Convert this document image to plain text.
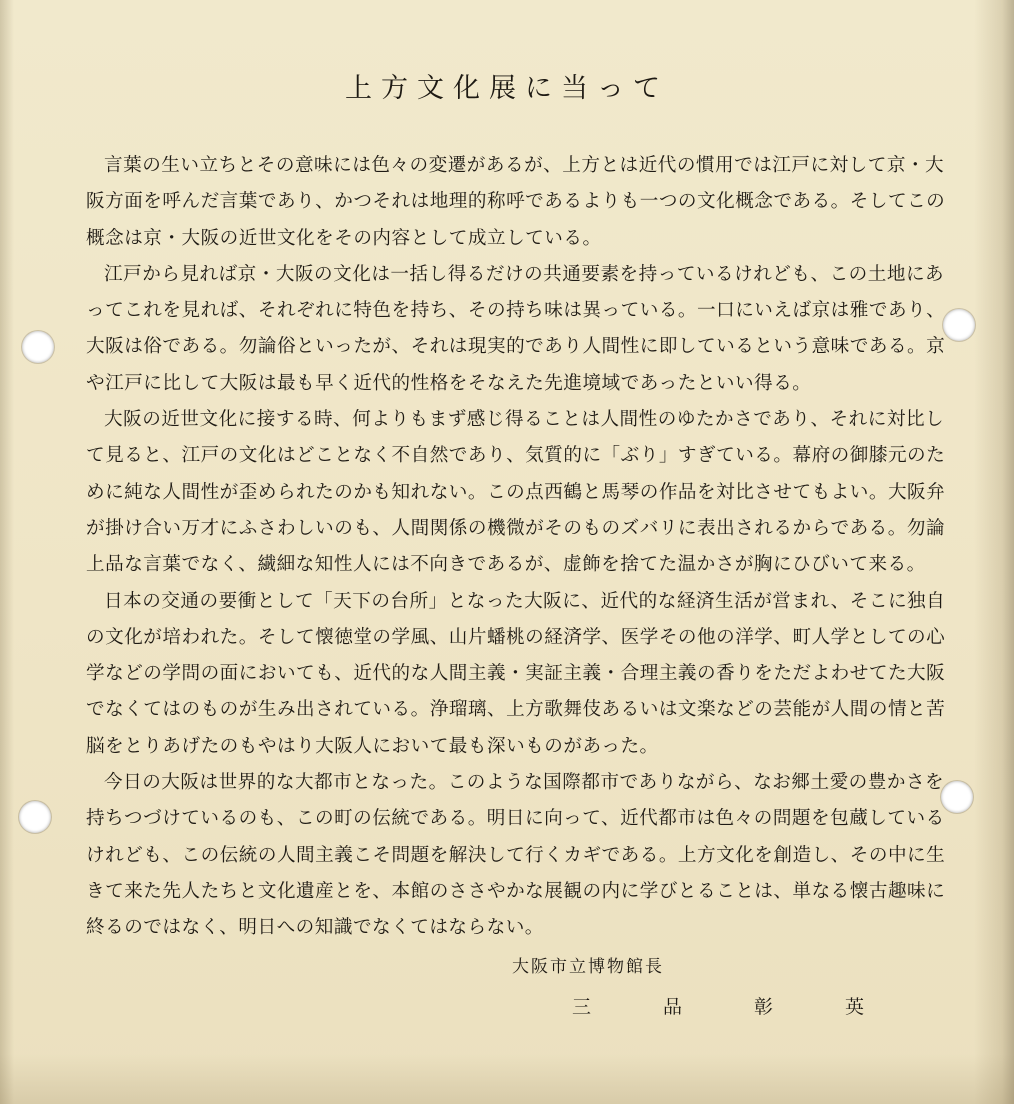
上方文化展に当って
言葉の生い立ちとその意味には色々の変遷があるが、上方とは近代の慣用では江戸に対して京・大
阪方面を呼んだ言葉であり、かつそれは地理的称呼であるよりも一つの文化概念である。そしてこの
概念は京・大阪の近世文化をその内容として成立している。
江戸から見れば京・大阪の文化は一括し得るだけの共通要素を持っているけれども、この土地にあ
ってこれを見れば、それぞれに特色を持ち、その持ち味は異っている。一口にいえば京は雅であり、
大阪は俗である。勿論俗といったが、それは現実的であり人間性に即しているという意味である。京
や江戸に比して大阪は最も早く近代的性格をそなえた先進境域であったといい得る。
大阪の近世文化に接する時、何よりもまず感じ得ることは人間性のゆたかさであり、それに対比し
て見ると、江戸の文化はどことなく不自然であり、気質的に「ぶり」すぎている。幕府の御膝元のた
めに純な人間性が歪められたのかも知れない。この点西鶴と馬琴の作品を対比させてもよい。大阪弁
が掛け合い万才にふさわしいのも、人間関係の機微がそのものズバリに表出されるからである。勿論
上品な言葉でなく、繊細な知性人には不向きであるが、虚飾を捨てた温かさが胸にひびいて来る。
日本の交通の要衝として「天下の台所」となった大阪に、近代的な経済生活が営まれ、そこに独自
の文化が培われた。そして懐徳堂の学風、山片蟠桃の経済学、医学その他の洋学、町人学としての心
学などの学問の面においても、近代的な人間主義・実証主義・合理主義の香りをただよわせてた大阪
でなくてはのものが生み出されている。浄瑠璃、上方歌舞伎あるいは文楽などの芸能が人間の情と苦
脳をとりあげたのもやはり大阪人において最も深いものがあった。
今日の大阪は世界的な大都市となった。このような国際都市でありながら、なお郷土愛の豊かさを
持ちつづけているのも、この町の伝統である。明日に向って、近代都市は色々の問題を包蔵している
けれども、この伝統の人間主義こそ問題を解決して行くカギである。上方文化を創造し、その中に生
きて来た先人たちと文化遺産とを、本館のささやかな展観の内に学びとることは、単なる懐古趣味に
終るのではなく、明日への知識でなくてはならない。
大阪市立博物館長
三品彰英
